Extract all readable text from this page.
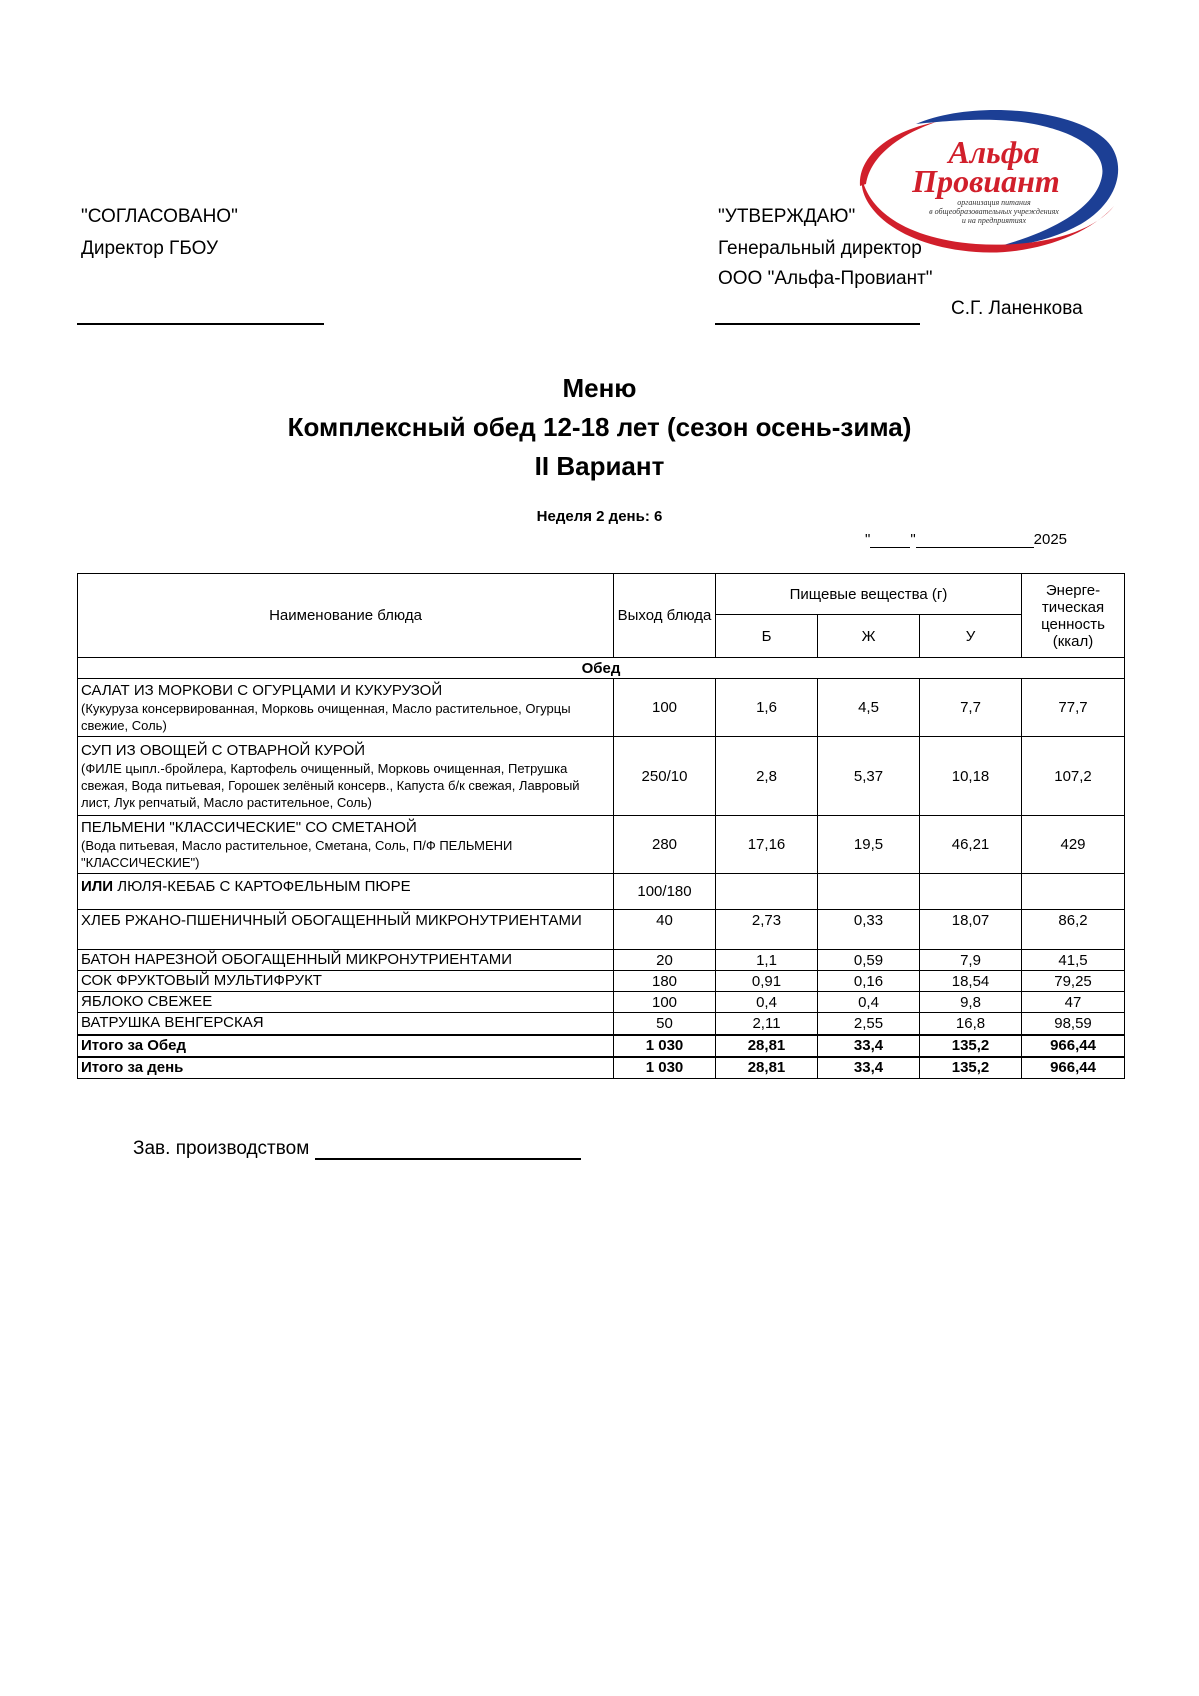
"СОГЛАСОВАНО"
Директор ГБОУ
"УТВЕРЖДАЮ"
Генеральный директор
ООО "Альфа-Провиант"
С.Г. Ланенкова
Альфа
Провиант
организация питания
в общеобразовательных учреждениях
и на предприятиях
Меню
Комплексный обед 12-18 лет (сезон осень-зима)
II Вариант
Неделя 2 день: 6
"	"	2025
Наименование блюда	Выход блюда	Пищевые вещества (г)			Энерге-тическая ценность (ккал)
		Б	Ж	У	
Обед					

САЛАТ ИЗ МОРКОВИ С ОГУРЦАМИ И КУКУРУЗОЙ
(Кукуруза консервированная, Морковь очищенная, Масло растительное, Огурцы свежие, Соль)	100	1,6	4,5	7,7	77,7

СУП ИЗ ОВОЩЕЙ С ОТВАРНОЙ КУРОЙ
(ФИЛЕ цыпл.-бройлера, Картофель очищенный, Морковь очищенная, Петрушка свежая, Вода питьевая, Горошек зелёный консерв., Капуста б/к свежая, Лавровый лист, Лук репчатый, Масло растительное, Соль)	250/10	2,8	5,37	10,18	107,2

ПЕЛЬМЕНИ "КЛАССИЧЕСКИЕ" СО СМЕТАНОЙ
(Вода питьевая, Масло растительное, Сметана, Соль, П/Ф ПЕЛЬМЕНИ "КЛАССИЧЕСКИЕ")	280	17,16	19,5	46,21	429
ИЛИ ЛЮЛЯ-КЕБАБ С КАРТОФЕЛЬНЫМ ПЮРЕ	100/180				

ХЛЕБ РЖАНО-ПШЕНИЧНЫЙ ОБОГАЩЕННЫЙ МИКРОНУТРИЕНТАМИ	40	2,73	0,33	18,07	86,2

БАТОН НАРЕЗНОЙ ОБОГАЩЕННЫЙ МИКРОНУТРИЕНТАМИ	20	1,1	0,59	7,9	41,5

СОК ФРУКТОВЫЙ МУЛЬТИФРУКТ	180	0,91	0,16	18,54	79,25

ЯБЛОКО СВЕЖЕЕ	100	0,4	0,4	9,8	47

ВАТРУШКА ВЕНГЕРСКАЯ	50	2,11	2,55	16,8	98,59
Итого за Обед	1 030	28,81	33,4	135,2	966,44
Итого за день	1 030	28,81	33,4	135,2	966,44
Зав. производством
